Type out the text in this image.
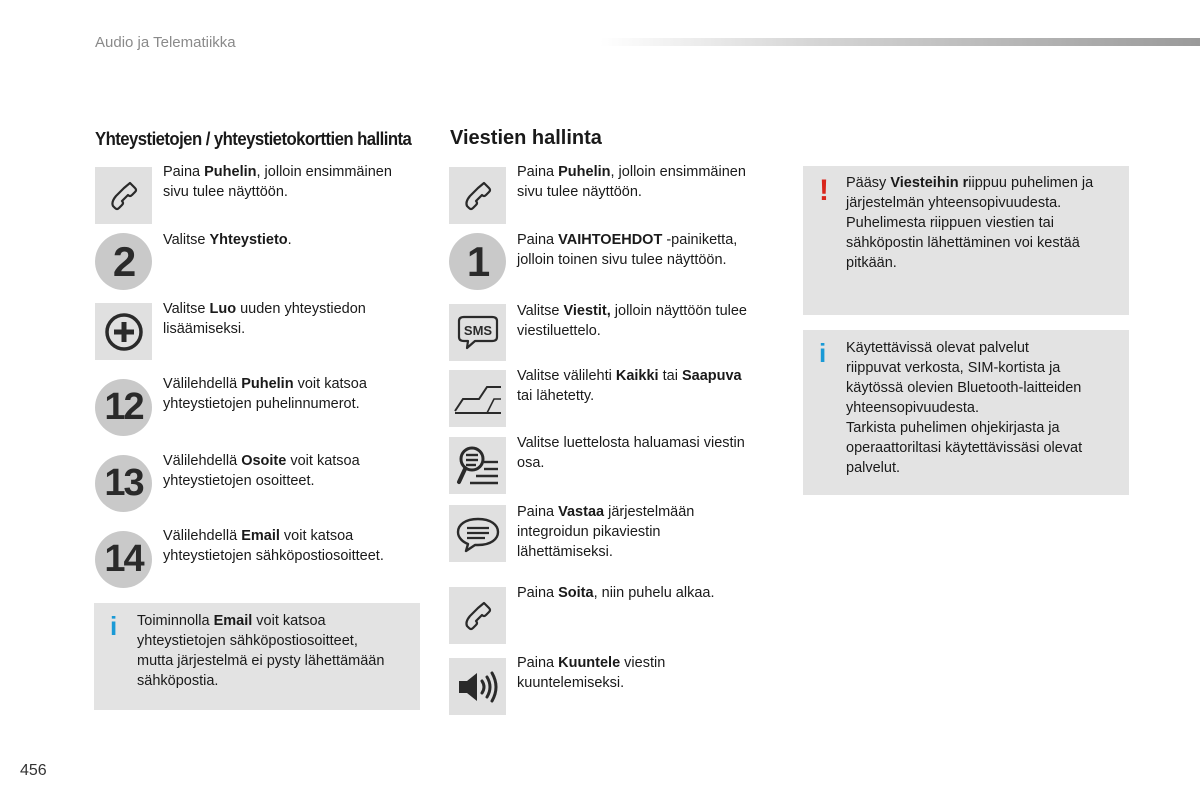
Audio ja Telematiikka
Yhteystietojen / yhteystietokorttien hallinta
Paina Puhelin, jolloin ensimmäinen
sivu tulee näyttöön.
2	Valitse Yhteystieto.
Valitse Luo uuden yhteystiedon
lisäämiseksi.
12
Välilehdellä Puhelin voit katsoa
yhteystietojen puhelinnumerot.
13
Välilehdellä Osoite voit katsoa
yhteystietojen osoitteet.
14
Välilehdellä Email voit katsoa
yhteystietojen sähköpostiosoitteet.
i Toiminnolla Email voit katsoa
yhteystietojen sähköpostiosoitteet,
mutta järjestelmä ei pysty lähettämään
sähköpostia.
Viestien hallinta
Paina Puhelin, jolloin ensimmäinen
sivu tulee näyttöön.
1	Paina VAIHTOEHDOT -painiketta,
jolloin toinen sivu tulee näyttöön.
SMS
Valitse Viestit, jolloin näyttöön tulee
viestiluettelo.
Valitse välilehti Kaikki tai Saapuva
tai lähetetty.
Valitse luettelosta haluamasi viestin
osa.
Paina Vastaa järjestelmään
integroidun pikaviestin
lähettämiseksi.
Paina Soita, niin puhelu alkaa.
Paina Kuuntele viestin
kuuntelemiseksi.
! Pääsy Viesteihin riippuu puhelimen ja
järjestelmän yhteensopivuudesta.
Puhelimesta riippuen viestien tai
sähköpostin lähettäminen voi kestää
pitkään.
i Käytettävissä olevat palvelut
riippuvat verkosta, SIM-kortista ja
käytössä olevien Bluetooth-laitteiden
yhteensopivuudesta.
Tarkista puhelimen ohjekirjasta ja
operaattoriltasi käytettävissäsi olevat
palvelut.
456
